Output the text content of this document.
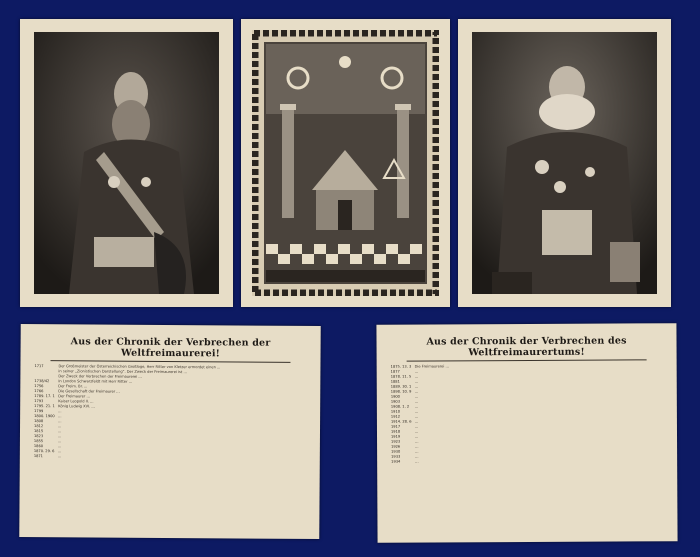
Aus der Chronik der Verbrechen der Weltfreimaurerei!
1717	Der Großmeister der Österreichischen Großloge, Herr Ritter von Kletzer ermordet einen ...
in seiner „Zionistischen Darstellung“. Der Zweck der Freimaurerei ist ...
Der Zweck der Verbrechen der Freimaurerei ...
1738/42	In London Schwarzfeldt mit Herr Ritter ...
1756	Der Freim. Br. ...
1766	Die Gesellschaft der Freimaurer ...
1789. 17. 1 Der Freimaurer ...
1793	Kaiser Leopold II. ...
1795. 21. 1 König Ludwig XVI. ...
1799	...
1800. 1900 ...
1808	...
1812	...
1815	...
1823	...
1855	...
1860	...
1870. 29. 6 ...
1871	...
Aus der Chronik der Verbrechen des Weltfreimaurertums!
1875. 13. 3 Die Freimaurerei ...
1877	...
1878. 11. 5 ...
1881	...
1889. 30. 1 ...
1898. 10. 9 ...
1900	...
1903	...
1908. 1. 2	...
1910	...
1912	...
1914. 28. 6 ...
1917	...
1918	...
1919	...
1923	...
1926	...
1930	...
1933	...
1934	...
